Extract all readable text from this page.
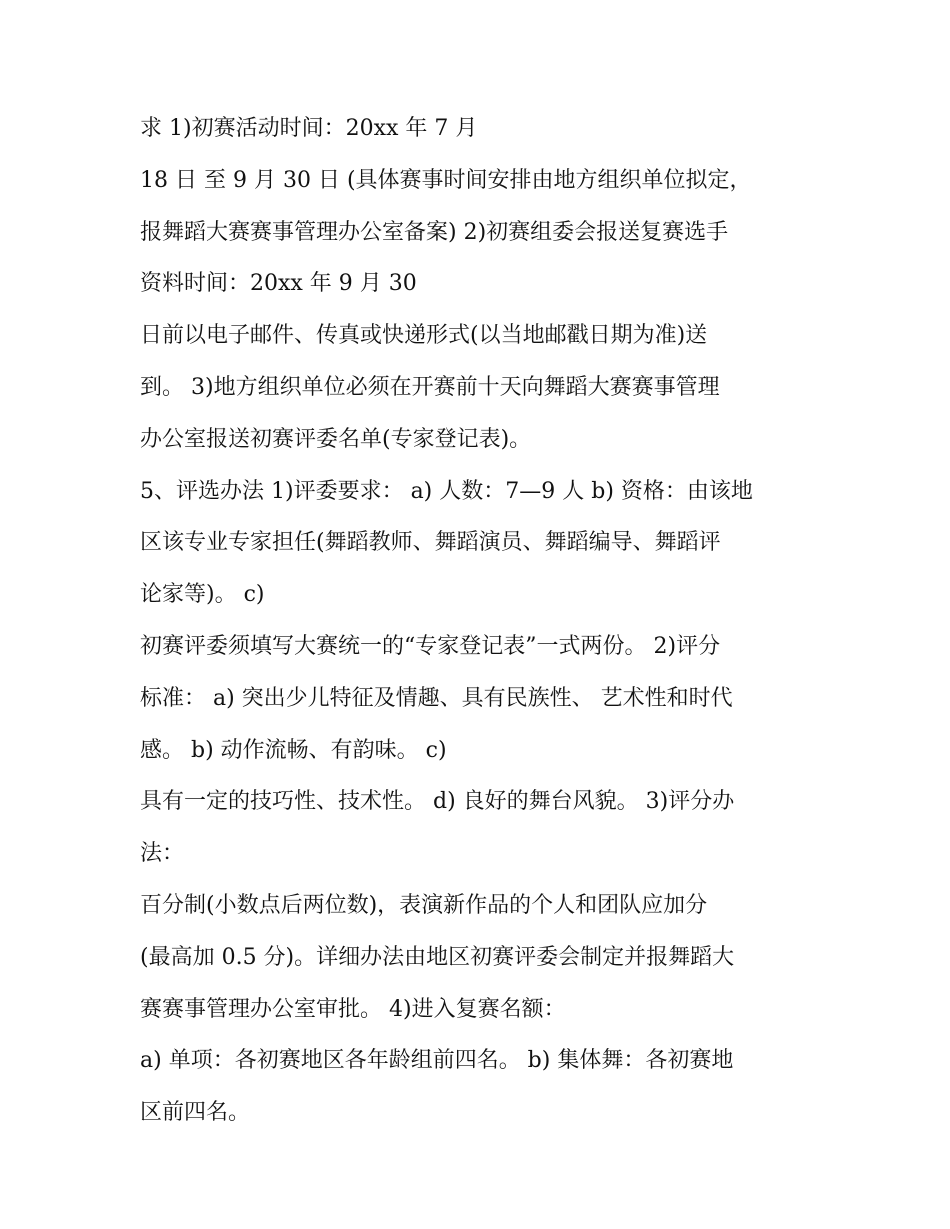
求 1)初赛活动时间：20xx 年 7 月
18 日 至 9 月 30 日 (具体赛事时间安排由地方组织单位拟定，
报舞蹈大赛赛事管理办公室备案) 2)初赛组委会报送复赛选手
资料时间：20xx 年 9 月 30
日前以电子邮件、传真或快递形式(以当地邮戳日期为准)送
到。 3)地方组织单位必须在开赛前十天向舞蹈大赛赛事管理
办公室报送初赛评委名单(专家登记表)。
5、评选办法 1)评委要求： a) 人数：7—9 人 b) 资格：由该地
区该专业专家担任(舞蹈教师、舞蹈演员、舞蹈编导、舞蹈评
论家等)。 c)
初赛评委须填写大赛统一的“专家登记表”一式两份。 2)评分
标准： a) 突出少儿特征及情趣、具有民族性、 艺术性和时代
感。 b) 动作流畅、有韵味。 c)
具有一定的技巧性、技术性。 d) 良好的舞台风貌。 3)评分办
法：
百分制(小数点后两位数)，表演新作品的个人和团队应加分
(最高加 0.5 分)。详细办法由地区初赛评委会制定并报舞蹈大
赛赛事管理办公室审批。 4)进入复赛名额：
a) 单项：各初赛地区各年龄组前四名。 b) 集体舞：各初赛地
区前四名。
